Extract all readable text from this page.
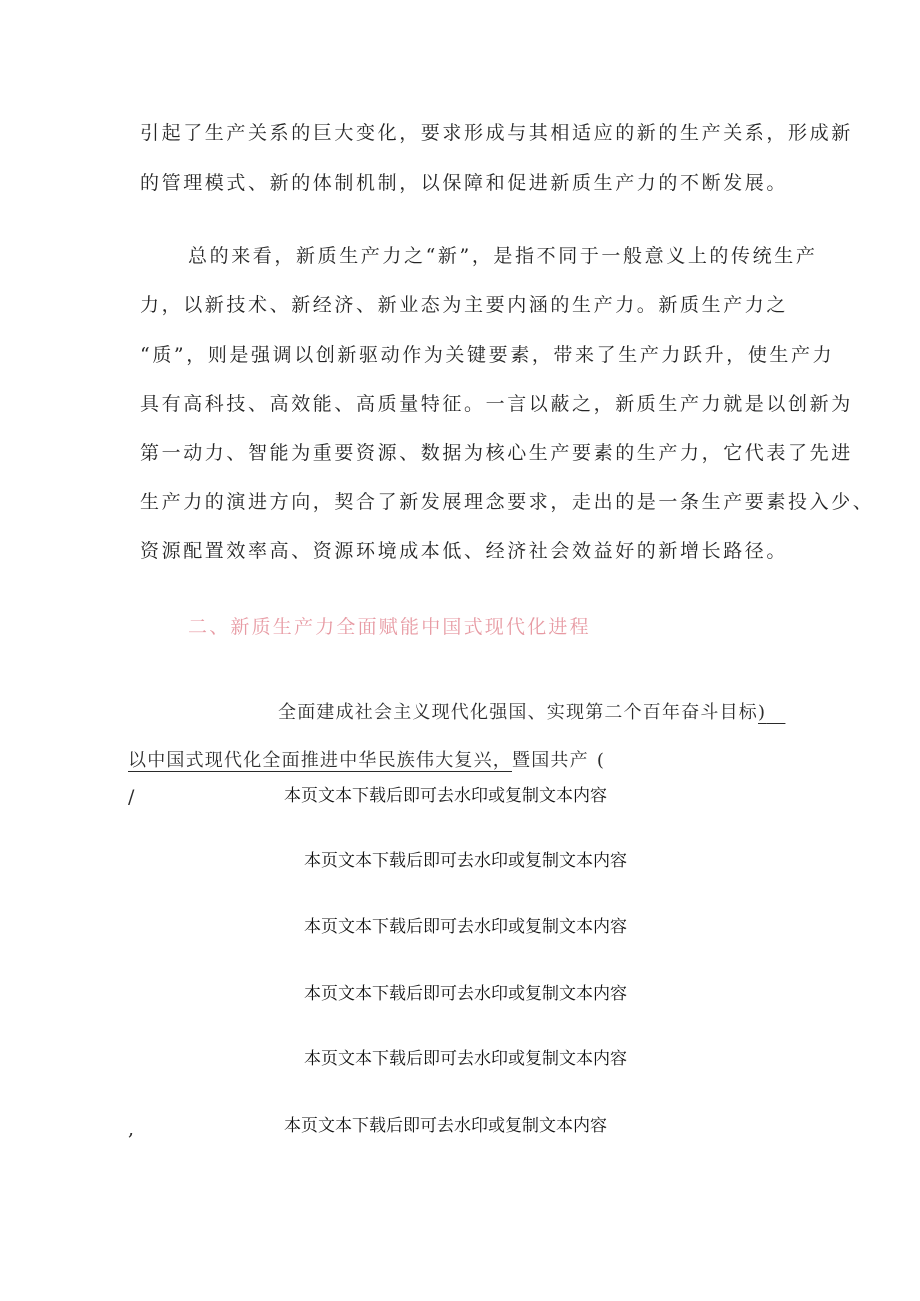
引起了生产关系的巨大变化，要求形成与其相适应的新的生产关系，形成新
的管理模式、新的体制机制，以保障和促进新质生产力的不断发展。
总的来看，新质生产力之“新”，是指不同于一般意义上的传统生产
力，以新技术、新经济、新业态为主要内涵的生产力。新质生产力之
“质”，则是强调以创新驱动作为关键要素，带来了生产力跃升，使生产力
具有高科技、高效能、高质量特征。一言以蔽之，新质生产力就是以创新为
第一动力、智能为重要资源、数据为核心生产要素的生产力，它代表了先进
生产力的演进方向，契合了新发展理念要求，走出的是一条生产要素投入少、
资源配置效率高、资源环境成本低、经济社会效益好的新增长路径。
二、新质生产力全面赋能中国式现代化进程
全面建成社会主义现代化强国、实现第二个百年奋斗目标) 
以中国式现代化全面推进中华民族伟大复兴，暨国共产 (
/
,
本页文本下载后即可去水印或复制文本内容
本页文本下载后即可去水印或复制文本内容
本页文本下载后即可去水印或复制文本内容
本页文本下载后即可去水印或复制文本内容
本页文本下载后即可去水印或复制文本内容
本页文本下载后即可去水印或复制文本内容
